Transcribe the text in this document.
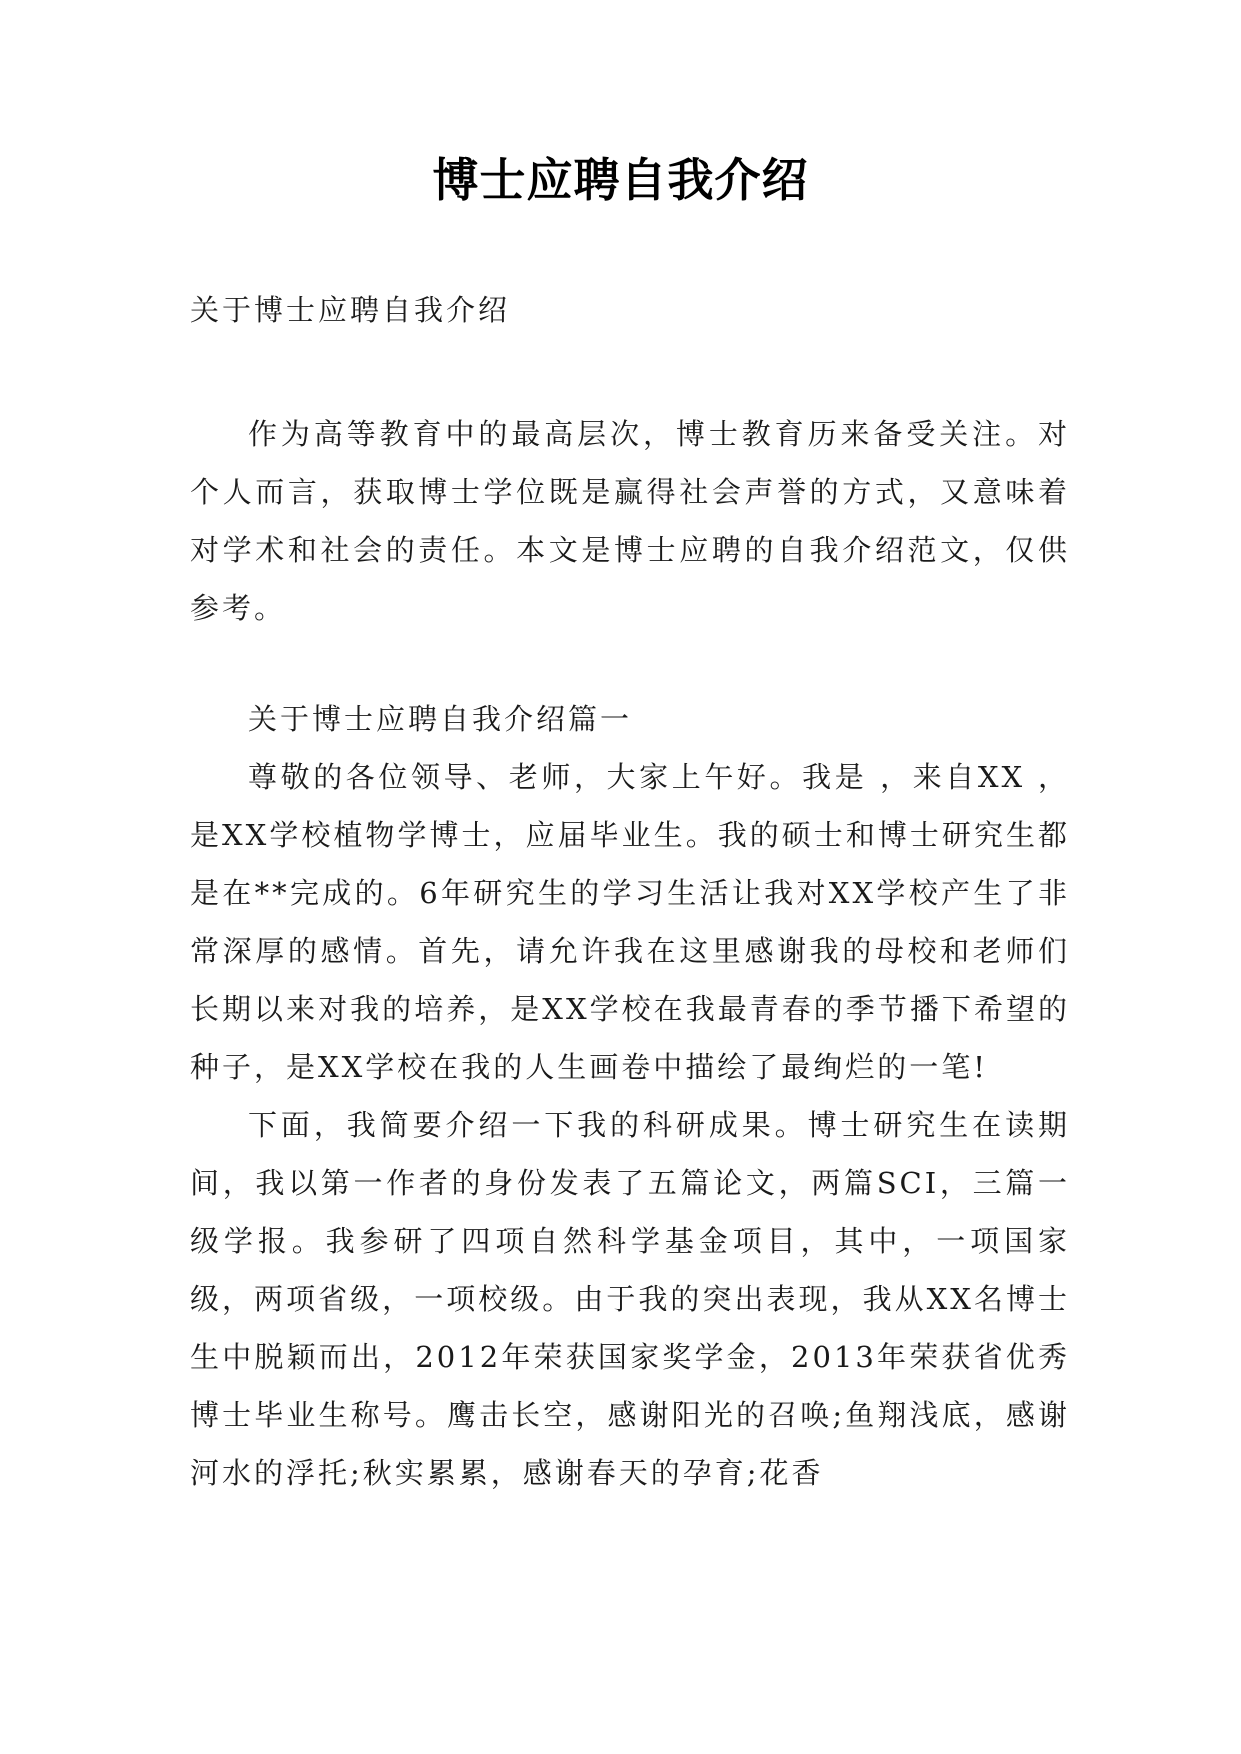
博士应聘自我介绍
关于博士应聘自我介绍

作为高等教育中的最高层次，博士教育历来备受关注。对个人而言，获取博士学位既是赢得社会声誉的方式，又意味着对学术和社会的责任。本文是博士应聘的自我介绍范文，仅供参考。

关于博士应聘自我介绍篇一

尊敬的各位领导、老师，大家上午好。我是 ，来自XX ，是XX学校植物学博士，应届毕业生。我的硕士和博士研究生都是在**完成的。6年研究生的学习生活让我对XX学校产生了非常深厚的感情。首先，请允许我在这里感谢我的母校和老师们长期以来对我的培养，是XX学校在我最青春的季节播下希望的种子，是XX学校在我的人生画卷中描绘了最绚烂的一笔!

下面，我简要介绍一下我的科研成果。博士研究生在读期间，我以第一作者的身份发表了五篇论文，两篇SCI，三篇一级学报。我参研了四项自然科学基金项目，其中，一项国家级，两项省级，一项校级。由于我的突出表现，我从XX名博士生中脱颖而出，2012年荣获国家奖学金，2013年荣获省优秀博士毕业生称号。鹰击长空，感谢阳光的召唤;鱼翔浅底，感谢河水的浮托;秋实累累，感谢春天的孕育;花香
